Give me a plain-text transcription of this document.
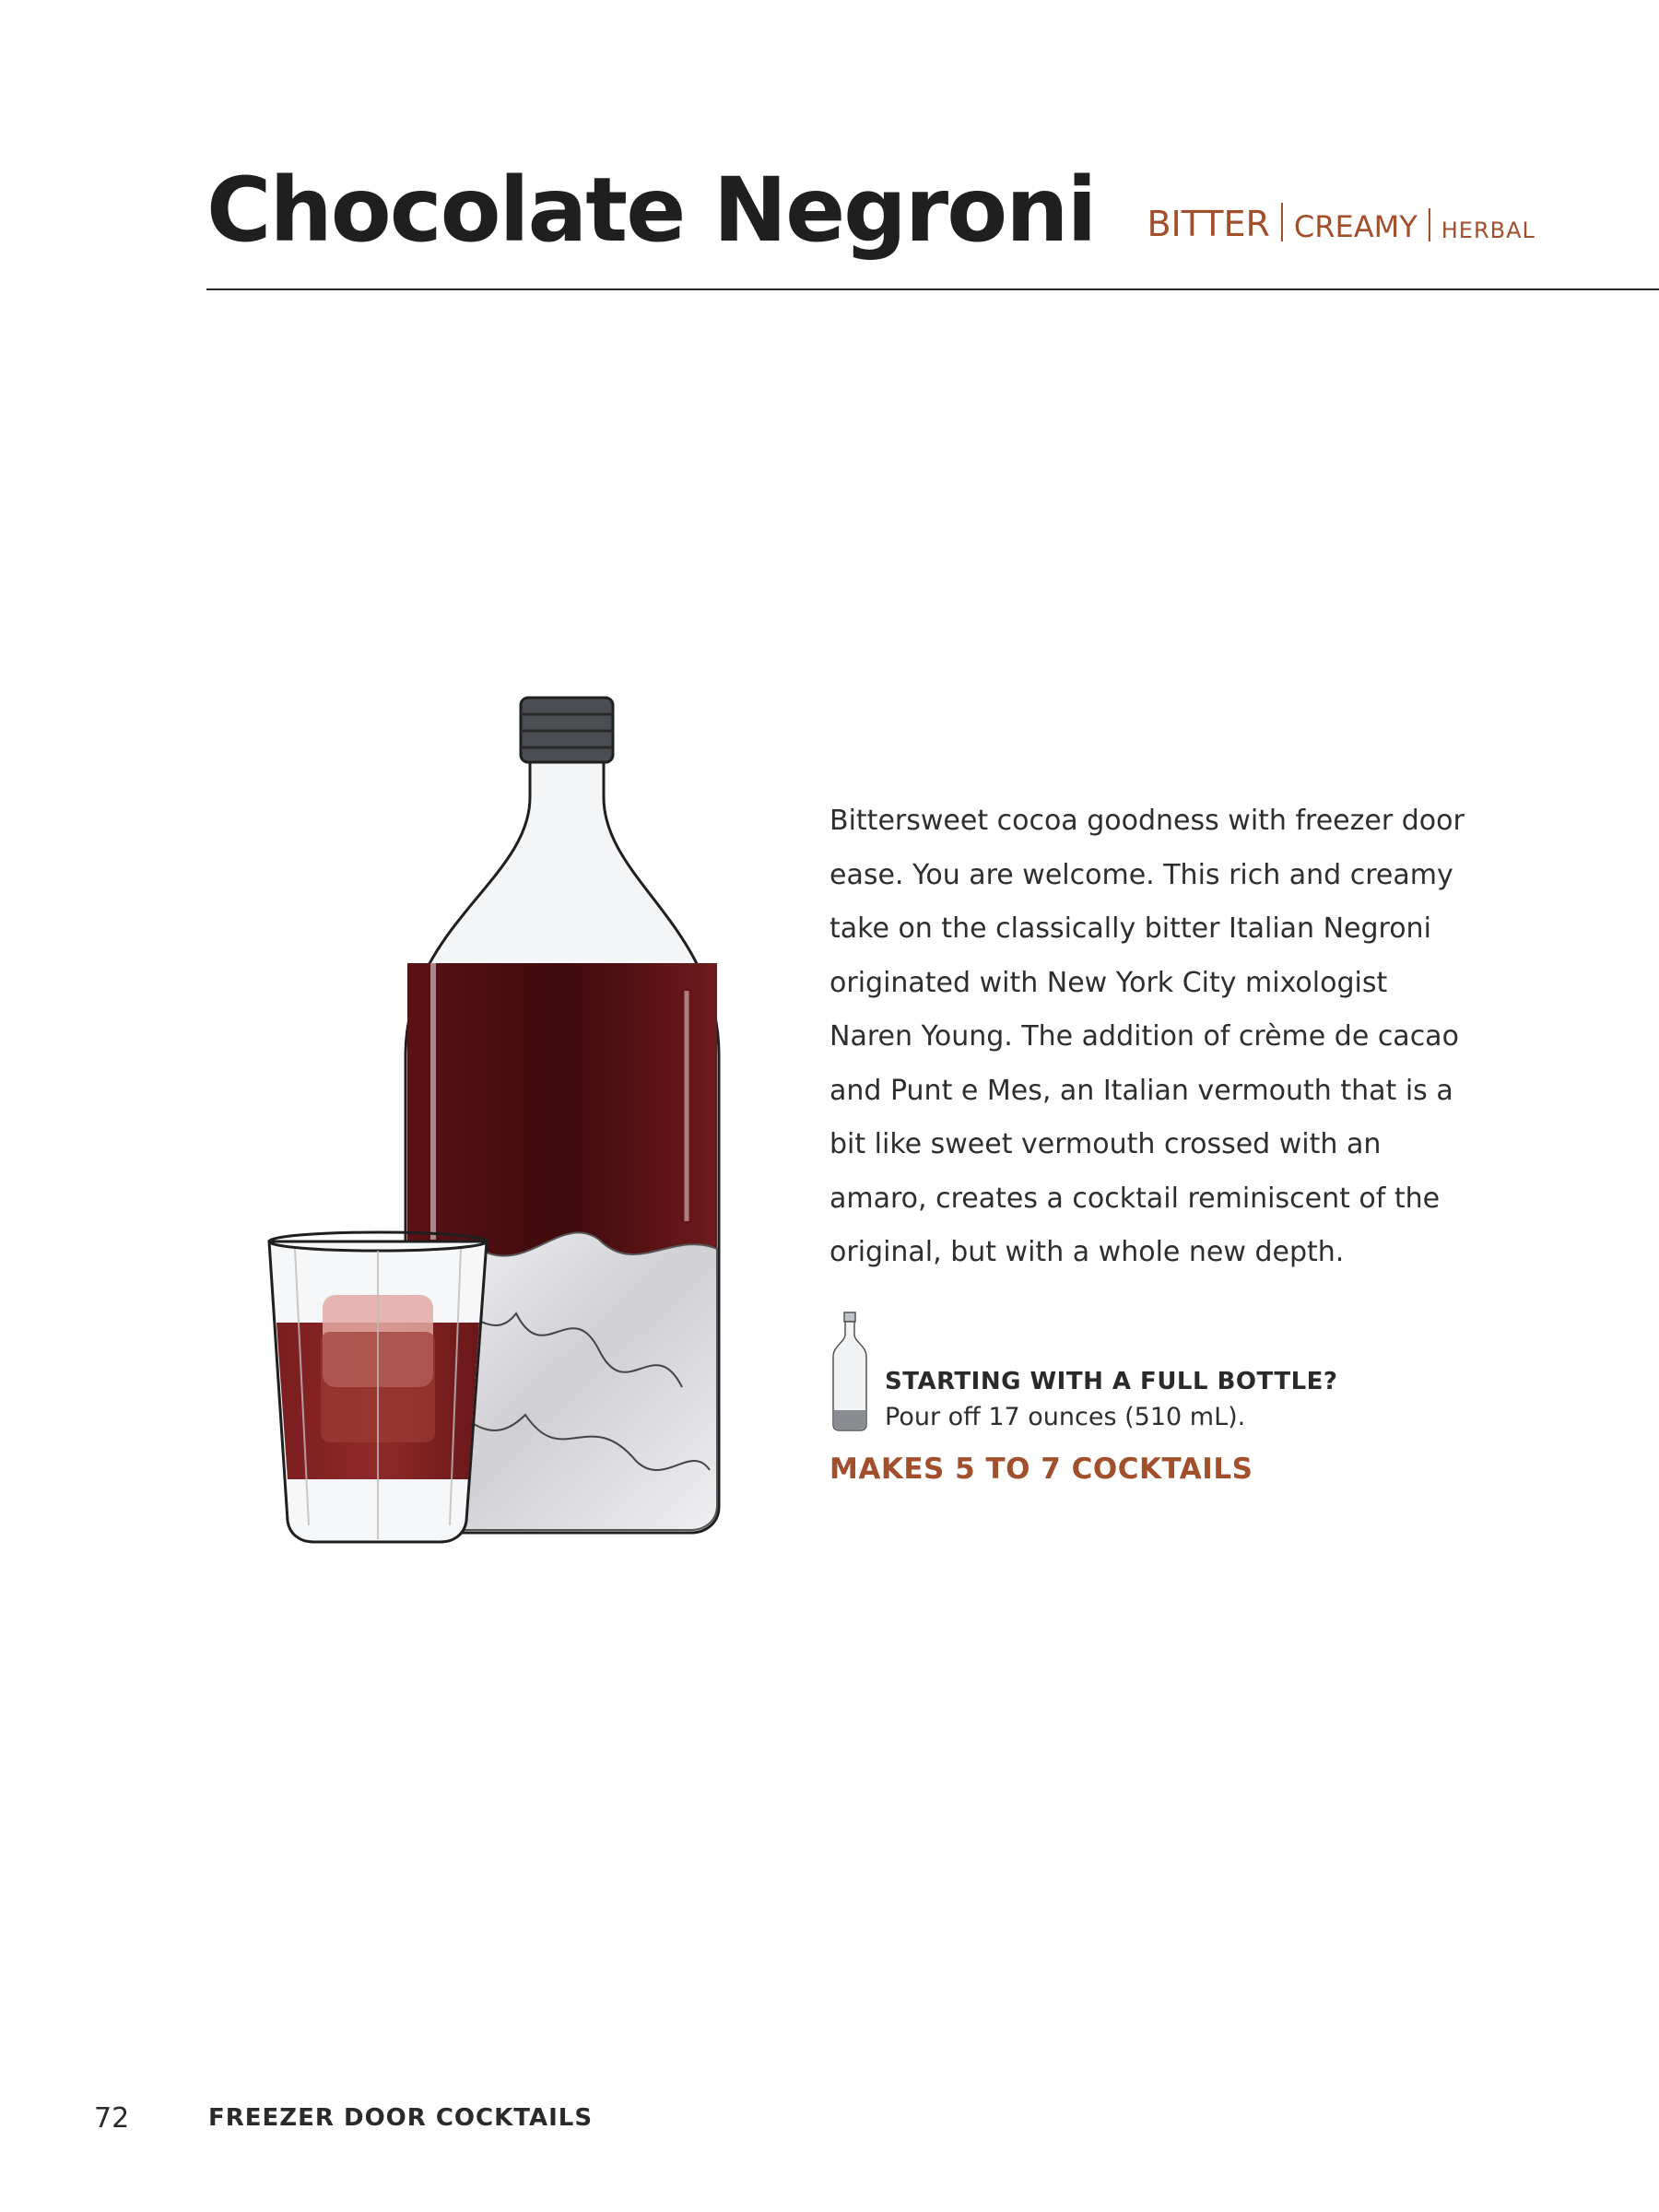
Chocolate Negroni BITTER CREAMY HERBAL
Bittersweet cocoa goodness with freezer door ease. You are welcome. This rich and creamy take on the classically bitter Italian Negroni originated with New York City mixologist Naren Young. The addition of crème de cacao and Punt e Mes, an Italian vermouth that is a bit like sweet vermouth crossed with an amaro, creates a cocktail reminiscent of the original, but with a whole new depth.
STARTING WITH A FULL BOTTLE?
Pour off 17 ounces (510 mL).
MAKES 5 TO 7 COCKTAILS
72	FREEZER DOOR COCKTAILS
